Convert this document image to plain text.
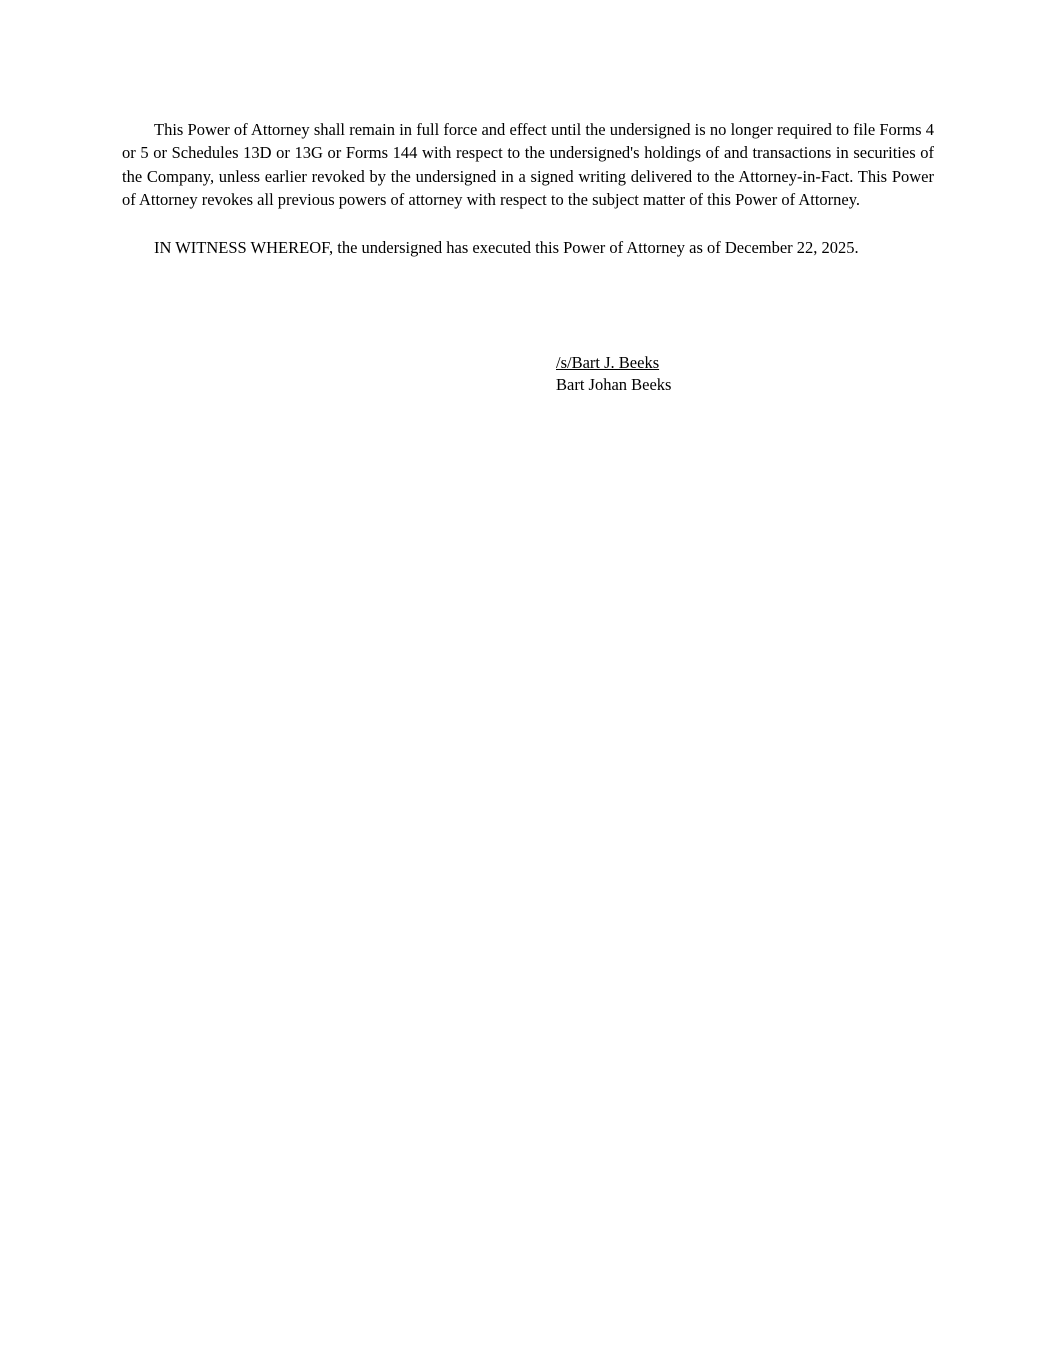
This Power of Attorney shall remain in full force and effect until the undersigned is no longer required to file Forms 4 or 5 or Schedules 13D or 13G or Forms 144 with respect to the undersigned's holdings of and transactions in securities of the Company, unless earlier revoked by the undersigned in a signed writing delivered to the Attorney-in-Fact. This Power of Attorney revokes all previous powers of attorney with respect to the subject matter of this Power of Attorney.

IN WITNESS WHEREOF, the undersigned has executed this Power of Attorney as of December 22, 2025.

/s/Bart J. Beeks
Bart Johan Beeks
